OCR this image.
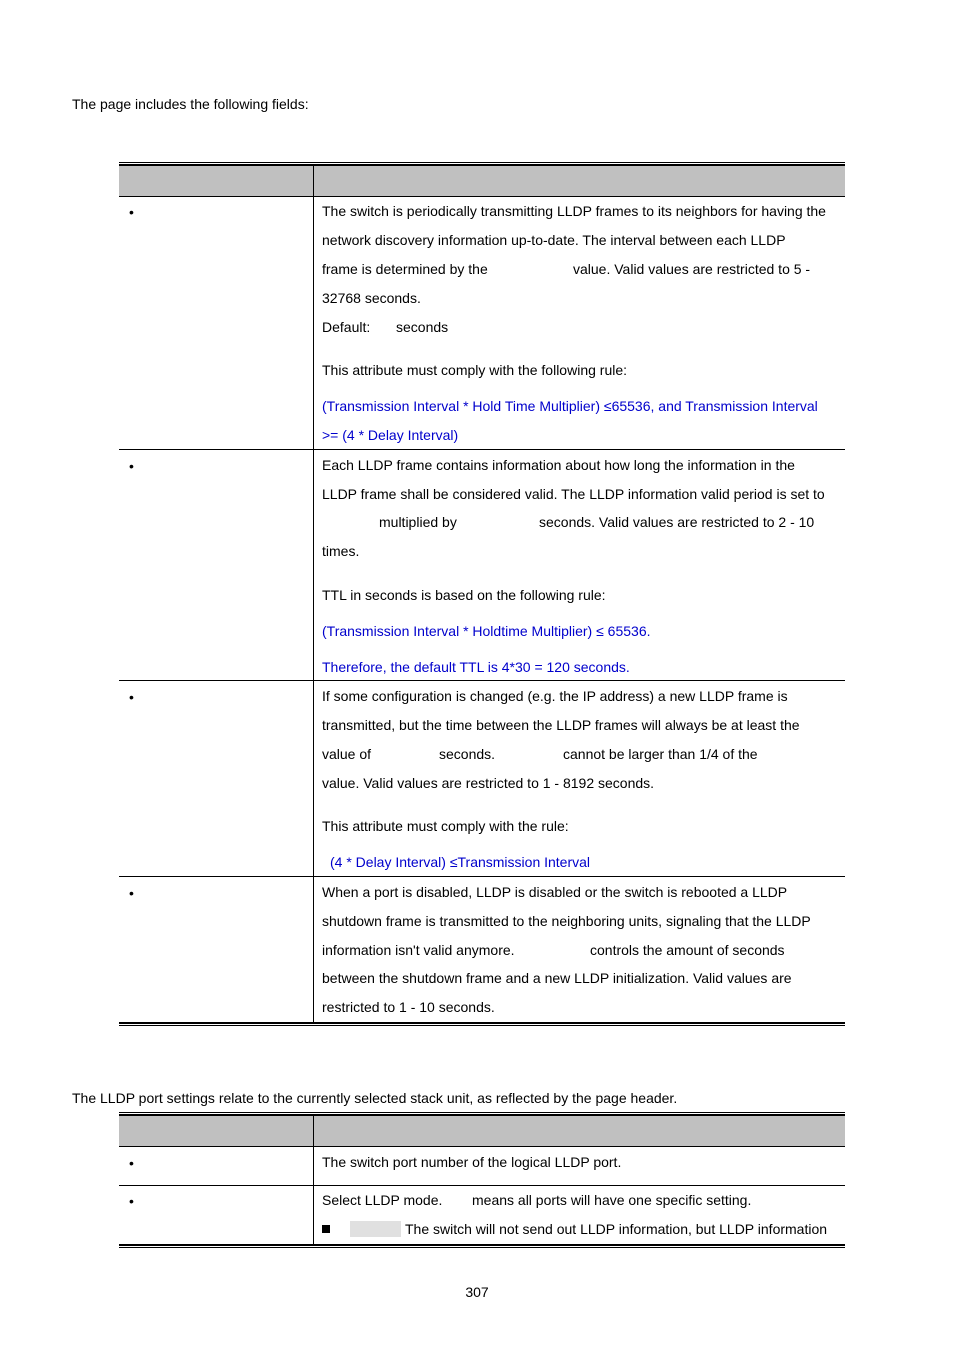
The page includes the following fields:

•	The switch is periodically transmitting LLDP frames to its neighbors for having the
network discovery information up-to-date. The interval between each LLDP
frame is determined by the	value. Valid values are restricted to 5 -
32768 seconds.
Default: seconds
This attribute must comply with the following rule:
(Transmission Interval * Hold Time Multiplier) ≤65536, and Transmission Interval
>= (4 * Delay Interval)
•	Each LLDP frame contains information about how long the information in the
LLDP frame shall be considered valid. The LLDP information valid period is set to
multiplied by	seconds. Valid values are restricted to 2 - 10
times.
TTL in seconds is based on the following rule:
(Transmission Interval * Holdtime Multiplier) ≤ 65536.
Therefore, the default TTL is 4*30 = 120 seconds.
•	If some configuration is changed (e.g. the IP address) a new LLDP frame is
transmitted, but the time between the LLDP frames will always be at least the
value of	seconds.	cannot be larger than 1/4 of the
value. Valid values are restricted to 1 - 8192 seconds.
This attribute must comply with the rule:
(4 * Delay Interval) ≤Transmission Interval
•	When a port is disabled, LLDP is disabled or the switch is rebooted a LLDP
shutdown frame is transmitted to the neighboring units, signaling that the LLDP
information isn't valid anymore.	controls the amount of seconds
between the shutdown frame and a new LLDP initialization. Valid values are
restricted to 1 - 10 seconds.

The LLDP port settings relate to the currently selected stack unit, as reflected by the page header.

•	The switch port number of the logical LLDP port.
•	Select LLDP mode. means all ports will have one specific setting.
The switch will not send out LLDP information, but LLDP information
307
